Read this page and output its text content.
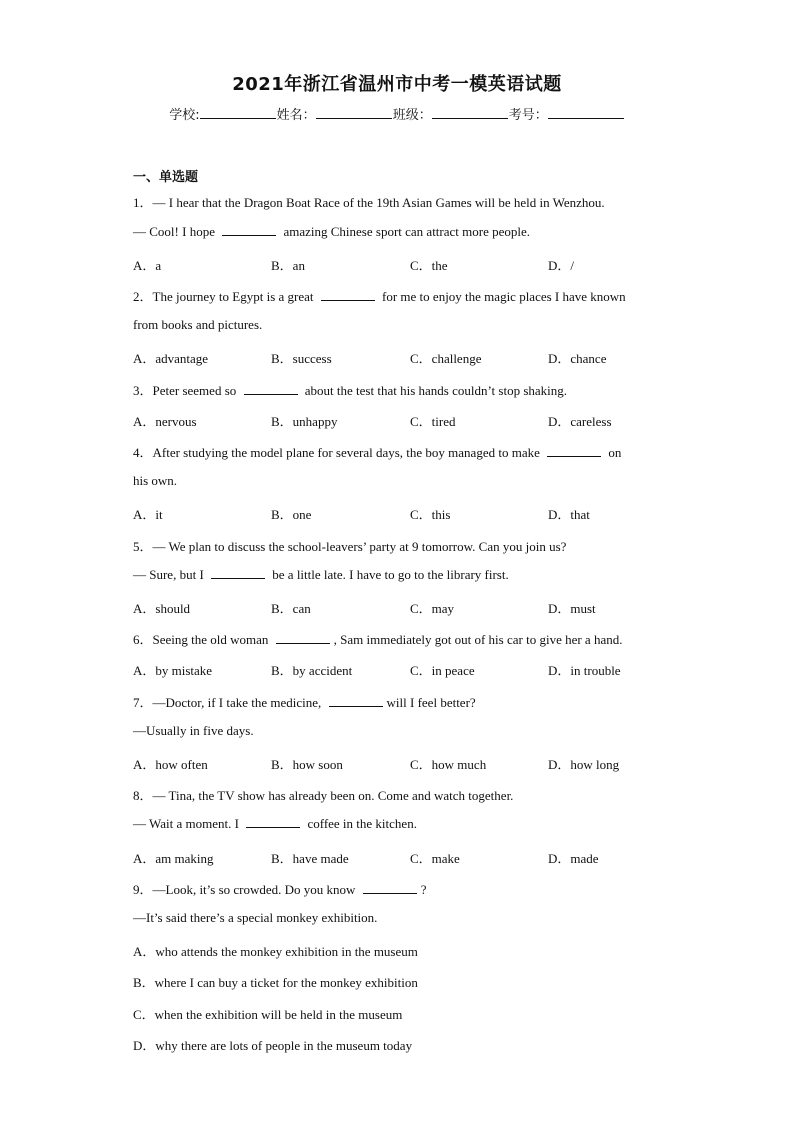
2021年浙江省温州市中考一模英语试题
学校:	姓名：	班级：	考号：
一、单选题
1．— I hear that the Dragon Boat Race of the 19th Asian Games will be held in Wenzhou.
— Cool! I hope	amazing Chinese sport can attract more people.
A．a	B．an	C．the	D．/
2．The journey to Egypt is a great	for me to enjoy the magic places I have known
from books and pictures.
A．advantage	B．success	C．challenge	D．chance
3．Peter seemed so	about the test that his hands couldn’t stop shaking.
A．nervous	B．unhappy	C．tired	D．careless
4．After studying the model plane for several days, the boy managed to make	on
his own.
A．it	B．one	C．this	D．that
5．— We plan to discuss the school-leavers’ party at 9 tomorrow. Can you join us?
— Sure, but I	be a little late. I have to go to the library first.
A．should	B．can	C．may	D．must
6．Seeing the old woman	, Sam immediately got out of his car to give her a hand.
A．by mistake	B．by accident	C．in peace	D．in trouble
7．—Doctor, if I take the medicine,	will I feel better?
—Usually in five days.
A．how often	B．how soon	C．how much	D．how long
8．— Tina, the TV show has already been on. Come and watch together.
— Wait a moment. I	coffee in the kitchen.
A．am making	B．have made	C．make	D．made
9．—Look, it’s so crowded. Do you know	?
—It’s said there’s a special monkey exhibition.
A．who attends the monkey exhibition in the museum
B．where I can buy a ticket for the monkey exhibition
C．when the exhibition will be held in the museum
D．why there are lots of people in the museum today
